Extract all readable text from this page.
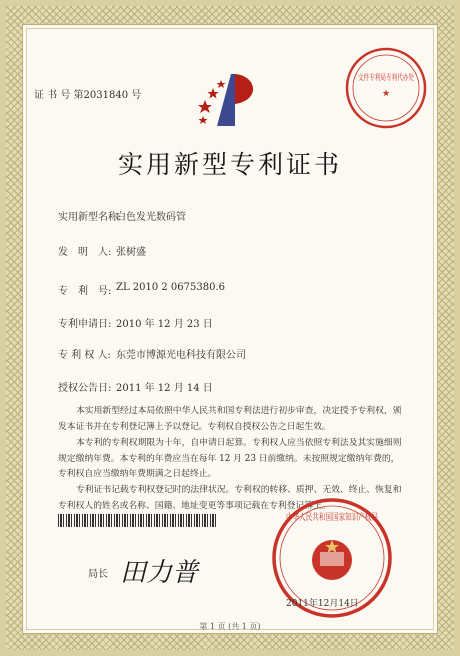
证 书 号 第2031840 号
文件专利局专利代办处
★
实用新型专利证书
实用新型名称:
白色发光数码管
发　明　人: 张树盛
专　利　号: ZL 2010 2 0675380.6
专利申请日: 2010 年 12 月 23 日
专 利 权 人: 东莞市博源光电科技有限公司
授权公告日: 2011 年 12 月 14 日
本实用新型经过本局依照中华人民共和国专利法进行初步审查，决定授予专利权，颁发本证书并在专利登记簿上予以登记。专利权自授权公告之日起生效。
本专利的专利权期限为十年，自申请日起算。专利权人应当依照专利法及其实施细则规定缴纳年费。本专利的年费应当在每年 12 月 23 日前缴纳。未按照规定缴纳年费的，专利权自应当缴纳年费期满之日起终止。
专利证书记载专利权登记时的法律状况。专利权的转移、质押、无效、终止、恢复和专利权人的姓名或名称、国籍、地址变更等事项记载在专利登记簿上。
局长 田力普
中华人民共和国国家知识产权局
2011年12月14日
第 1 页 (共 1 页)
